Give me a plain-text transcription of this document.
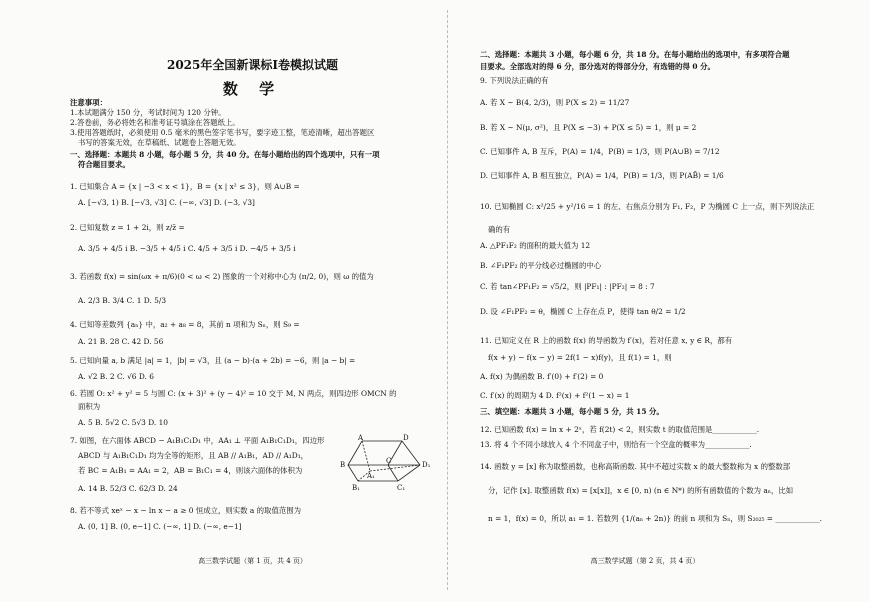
2025年全国新课标Ⅰ卷模拟试题
数 学
注意事项：
1.本试题满分 150 分，考试时间为 120 分钟。
2.答卷前，务必将姓名和准考证号填涂在答题纸上。
3.使用答题纸时，必须使用 0.5 毫米的黑色签字笔书写，要字迹工整，笔迹清晰，超出答题区
书写的答案无效，在草稿纸、试题卷上答题无效。
一、选择题：本题共 8 小题，每小题 5 分，共 40 分。在每小题给出的四个选项中，只有一项
符合题目要求。
1. 已知集合 A = {x | −3 < x < 1}，B = {x | x² ≤ 3}，则 A∪B =
A. [−√3, 1) B. [−√3, √3] C. (−∞, √3] D. (−3, √3]
2. 已知复数 z = 1 + 2i，则 z/z̄ =
A. 3/5 + 4/5 i B. −3/5 + 4/5 i C. 4/5 + 3/5 i D. −4/5 + 3/5 i
3. 若函数 f(x) = sin(ωx + π/6)(0 < ω < 2) 图象的一个对称中心为 (π/2, 0)，则 ω 的值为
A. 2/3 B. 3/4 C. 1 D. 5/3
4. 已知等差数列 {aₙ} 中，a₂ + a₈ = 8，其前 n 项和为 Sₙ，则 S₉ =
A. 21 B. 28 C. 42 D. 56
5. 已知向量 a, b 满足 |a| = 1，|b| = √3，且 (a − b)·(a + 2b) = −6，则 |a − b| =
A. √2 B. 2 C. √6 D. 6
6. 若圆 O: x² + y² = 5 与圆 C: (x + 3)² + (y − 4)² = 10 交于 M, N 两点，则四边形 OMCN 的
面积为
A. 5 B. 5√2 C. 5√3 D. 10
7. 如图，在六面体 ABCD − A₁B₁C₁D₁ 中，AA₁ ⊥ 平面 A₁B₁C₁D₁，四边形
ABCD 与 A₁B₁C₁D₁ 均为全等的矩形，且 AB // A₁B₁，AD // A₁D₁，
若 BC = A₁B₁ = AA₁ = 2，AB = B₁C₁ = 4，则该六面体的体积为
A. 14 B. 52/3 C. 62/3 D. 24
A	D
B	C
A₁
D₁
B₁	C₁
8. 若不等式 xeˣ − x − ln x − a ≥ 0 恒成立，则实数 a 的取值范围为
A. (0, 1] B. (0, e−1] C. (−∞, 1] D. (−∞, e−1]
高三数学试题（第 1 页，共 4 页）
二、选择题：本题共 3 小题，每小题 6 分，共 18 分。在每小题给出的选项中，有多项符合题
目要求。全部选对的得 6 分，部分选对的得部分分，有选错的得 0 分。
9. 下列说法正确的有
A. 若 X ~ B(4, 2/3)，则 P(X ≤ 2) = 11/27
B. 若 X ~ N(μ, σ²)，且 P(X ≤ −3) + P(X ≤ 5) = 1，则 μ = 2
C. 已知事件 A, B 互斥，P(A) = 1/4，P(B) = 1/3，则 P(A∪B) = 7/12
D. 已知事件 A, B 相互独立，P(A) = 1/4，P(B) = 1/3，则 P(AB̄) = 1/6
10. 已知椭圆 C: x²/25 + y²/16 = 1 的左、右焦点分别为 F₁, F₂，P 为椭圆 C 上一点，则下列说法正
确的有
A. △PF₁F₂ 的面积的最大值为 12
B. ∠F₁PF₂ 的平分线必过椭圆的中心
C. 若 tan∠PF₁F₂ = √5/2，则 |PF₁| : |PF₂| = 8 : 7
D. 设 ∠F₁PF₂ = θ，椭圆 C 上存在点 P，使得 tan θ/2 = 1/2
11. 已知定义在 R 上的函数 f(x) 的导函数为 f′(x)，若对任意 x, y ∈ R，都有
f(x + y) − f(x − y) = 2f(1 − x)f(y)，且 f(1) = 1，则
A. f(x) 为偶函数 B. f′(0) + f′(2) = 0
C. f′(x) 的周期为 4 D. f²(x) + f²(1 − x) = 1
三、填空题：本题共 3 小题，每小题 5 分，共 15 分。
12. 已知函数 f(x) = ln x + 2ˣ，若 f(2t) < 2，则实数 t 的取值范围是____________.
13. 将 4 个不同小球放入 4 个不同盒子中，则恰有一个空盒的概率为____________.
14. 函数 y = [x] 称为取整函数，也称高斯函数. 其中不超过实数 x 的最大整数称为 x 的整数部
分，记作 [x]. 取整函数 f(x) = [x[x]]，x ∈ [0, n) (n ∈ N*) 的所有函数值的个数为 aₙ，比如
n = 1，f(x) = 0，所以 a₁ = 1. 若数列 {1/(aₙ + 2n)} 的前 n 项和为 Sₙ，则 S₂₀₂₅ = ____________.
高三数学试题（第 2 页，共 4 页）
